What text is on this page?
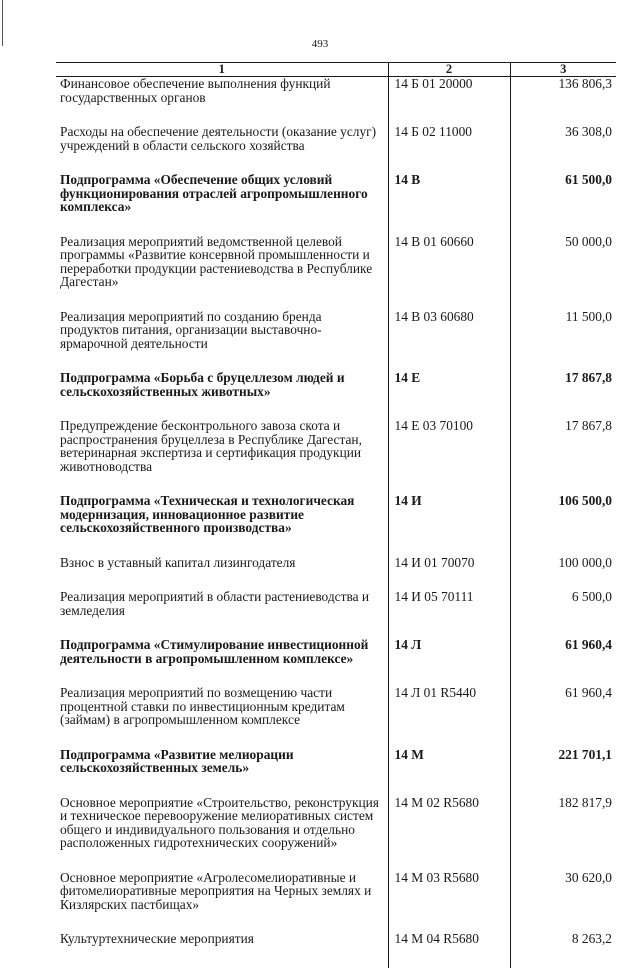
493
1	2	3
Финансовое обеспечение выполнения функций государственных органов	14 Б 01 20000	136 806,3

Расходы на обеспечение деятельности (оказание услуг) учреждений в области сельского хозяйства	14 Б 02 11000	36 308,0

Подпрограмма «Обеспечение общих условий функционирования отраслей агропромышленного комплекса»	14 В	61 500,0

Реализация мероприятий ведомственной целевой программы «Развитие консервной промышленности и переработки продукции растениеводства в Республике Дагестан»	14 В 01 60660	50 000,0

Реализация мероприятий по созданию бренда продуктов питания, организации выставочно-ярмарочной деятельности	14 В 03 60680	11 500,0

Подпрограмма «Борьба с бруцеллезом людей и сельскохозяйственных животных»	14 Е	17 867,8

Предупреждение бесконтрольного завоза скота и распространения бруцеллеза в Республике Дагестан, ветеринарная экспертиза и сертификация продукции животноводства	14 Е 03 70100	17 867,8

Подпрограмма «Техническая и технологическая модернизация, инновационное развитие сельскохозяйственного производства»	14 И	106 500,0

Взнос в уставный капитал лизингодателя	14 И 01 70070	100 000,0

Реализация мероприятий в области растениеводства и земледелия	14 И 05 70111	6 500,0

Подпрограмма «Стимулирование инвестиционной деятельности в агропромышленном комплексе»	14 Л	61 960,4

Реализация мероприятий по возмещению части процентной ставки по инвестиционным кредитам (займам) в агропромышленном комплексе	14 Л 01 R5440	61 960,4

Подпрограмма «Развитие мелиорации сельскохозяйственных земель»	14 М	221 701,1

Основное мероприятие «Строительство, реконструкция и техническое перевооружение мелиоративных систем общего и индивидуального пользования и отдельно расположенных гидротехнических сооружений»	14 М 02 R5680	182 817,9

Основное мероприятие «Агролесомелиоративные и фитомелиоративные мероприятия на Черных землях и Кизлярских пастбищах»	14 М 03 R5680	30 620,0

Культуртехнические мероприятия	14 М 04 R5680	8 263,2
